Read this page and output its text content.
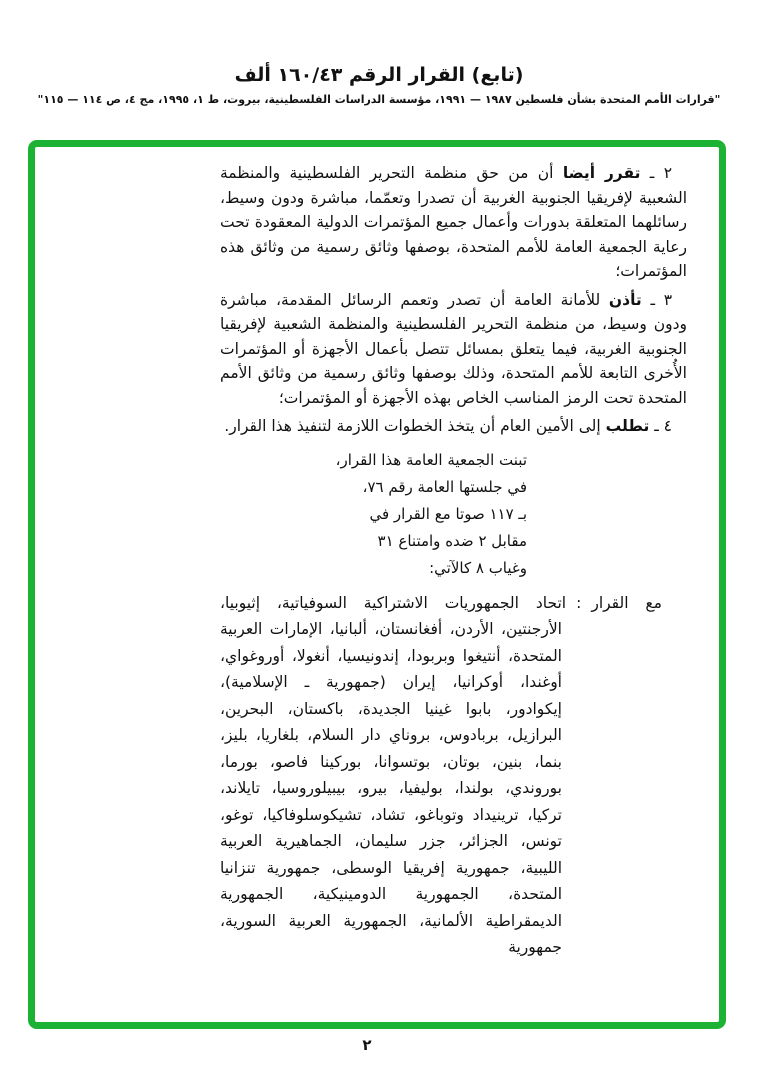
(تابع) القرار الرقم ١٦٠/٤٣ ألف
"قرارات الأمم المتحدة بشأن فلسطين ١٩٨٧ — ١٩٩١، مؤسسة الدراسات الفلسطينية، بيروت، ط ١، ١٩٩٥، مج ٤، ص ١١٤ — ١١٥"

٢ ـ تقرر أيضا أن من حق منظمة التحرير الفلسطينية والمنظمة الشعبية لإفريقيا الجنوبية الغربية أن تصدرا وتعمّما، مباشرة ودون وسيط، رسائلهما المتعلقة بدورات وأعمال جميع المؤتمرات الدولية المعقودة تحت رعاية الجمعية العامة للأمم المتحدة، بوصفها وثائق رسمية من وثائق هذه المؤتمرات؛

٣ ـ تأذن للأمانة العامة أن تصدر وتعمم الرسائل المقدمة، مباشرة ودون وسيط، من منظمة التحرير الفلسطينية والمنظمة الشعبية لإفريقيا الجنوبية الغربية، فيما يتعلق بمسائل تتصل بأعمال الأجهزة أو المؤتمرات الأُخرى التابعة للأمم المتحدة، وذلك بوصفها وثائق رسمية من وثائق الأمم المتحدة تحت الرمز المناسب الخاص بهذه الأجهزة أو المؤتمرات؛

٤ ـ تطلب إلى الأمين العام أن يتخذ الخطوات اللازمة لتنفيذ هذا القرار.

تبنت الجمعية العامة هذا القرار،
في جلستها العامة رقم ٧٦،
بـ ١١٧ صوتا مع القرار في
مقابل ٢ ضده وامتناع ٣١
وغياب ٨ كالآتي:

مع القرار:اتحاد الجمهوريات الاشتراكية السوفياتية، إثيوبيا، الأرجنتين، الأردن، أفغانستان، ألبانيا، الإمارات العربية المتحدة، أنتيغوا وبربودا، إندونيسيا، أنغولا، أوروغواي، أوغندا، أوكرانيا، إيران (جمهورية ـ الإسلامية)، إيكوادور، بابوا غينيا الجديدة، باكستان، البحرين، البرازيل، بربادوس، بروناي دار السلام، بلغاريا، بليز، بنما، بنين، بوتان، بوتسوانا، بوركينا فاصو، بورما، بوروندي، بولندا، بوليفيا، بيرو، بيبيلوروسيا، تايلاند، تركيا، ترينيداد وتوباغو، تشاد، تشيكوسلوفاكيا، توغو، تونس، الجزائر، جزر سليمان، الجماهيرية العربية الليبية، جمهورية إفريقيا الوسطى، جمهورية تنزانيا المتحدة، الجمهورية الدومينيكية، الجمهورية الديمقراطية الألمانية، الجمهورية العربية السورية، جمهورية

٢
